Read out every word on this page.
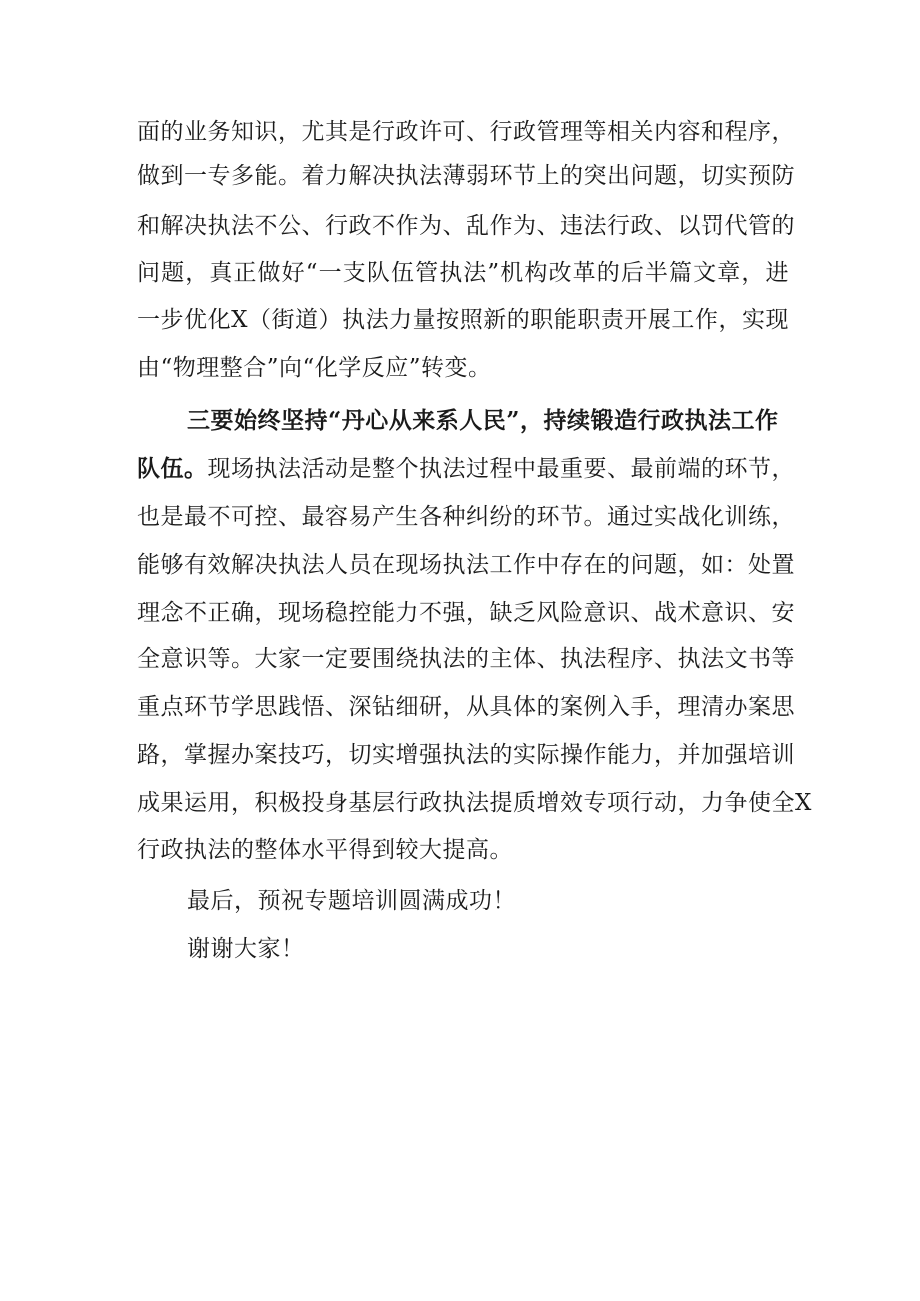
面的业务知识，尤其是行政许可、行政管理等相关内容和程序，
做到一专多能。着力解决执法薄弱环节上的突出问题，切实预防
和解决执法不公、行政不作为、乱作为、违法行政、以罚代管的
问题，真正做好“一支队伍管执法”机构改革的后半篇文章，进
一步优化X（街道）执法力量按照新的职能职责开展工作，实现
由“物理整合”向“化学反应”转变。
三要始终坚持“丹心从来系人民”，持续锻造行政执法工作
队伍。现场执法活动是整个执法过程中最重要、最前端的环节，
也是最不可控、最容易产生各种纠纷的环节。通过实战化训练，
能够有效解决执法人员在现场执法工作中存在的问题，如：处置
理念不正确，现场稳控能力不强，缺乏风险意识、战术意识、安
全意识等。大家一定要围绕执法的主体、执法程序、执法文书等
重点环节学思践悟、深钻细研，从具体的案例入手，理清办案思
路，掌握办案技巧，切实增强执法的实际操作能力，并加强培训
成果运用，积极投身基层行政执法提质增效专项行动，力争使全X
行政执法的整体水平得到较大提高。
最后，预祝专题培训圆满成功！
谢谢大家！
